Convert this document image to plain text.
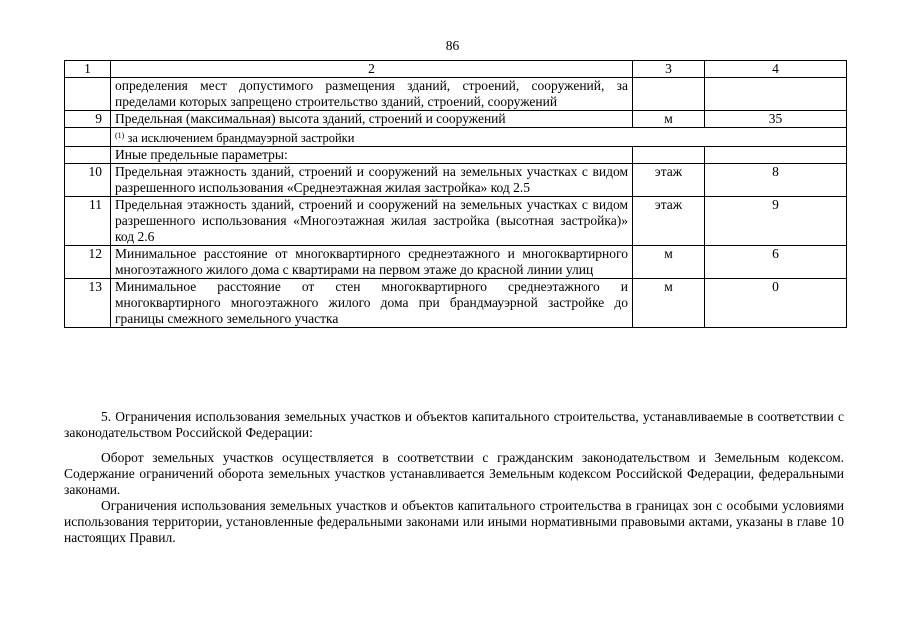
86
1	2	3	4
	определения мест допустимого размещения зданий, строений, сооружений, за пределами которых запрещено строительство зданий, строений, сооружений		
9	Предельная (максимальная) высота зданий, строений и сооружений	м	35
	$^{(1)}$ за исключением брандмауэрной застройки		
	Иные предельные параметры:		
10	Предельная этажность зданий, строений и сооружений на земельных участках с видом разрешенного использования «Среднеэтажная жилая застройка» код 2.5	этаж	8
11	Предельная этажность зданий, строений и сооружений на земельных участках с видом разрешенного использования «Многоэтажная жилая застройка (высотная застройка)» код 2.6	этаж	9
12	Минимальное расстояние от многоквартирного среднеэтажного и многоквартирного многоэтажного жилого дома с квартирами на первом этаже до красной линии улиц	м	6
13	Минимальное расстояние от стен многоквартирного среднеэтажного и многоквартирного многоэтажного жилого дома при брандмауэрной застройке до границы смежного земельного участка	м	0

5. Ограничения использования земельных участков и объектов капитального строительства, устанавливаемые в соответствии с законодательством Российской Федерации:

Оборот земельных участков осуществляется в соответствии с гражданским законодательством и Земельным кодексом. Содержание ограничений оборота земельных участков устанавливается Земельным кодексом Российской Федерации, федеральными законами.

Ограничения использования земельных участков и объектов капитального строительства в границах зон с особыми условиями использования территории, установленные федеральными законами или иными нормативными правовыми актами, указаны в главе 10 настоящих Правил.
